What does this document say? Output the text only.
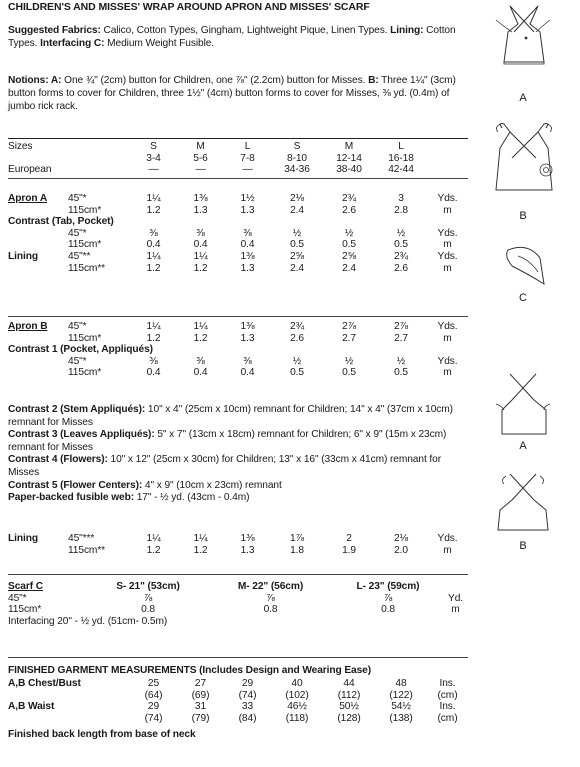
CHILDREN'S AND MISSES' WRAP AROUND APRON AND MISSES' SCARF

Suggested Fabrics: Calico, Cotton Types, Gingham, Lightweight Pique, Linen Types. Lining: Cotton Types. Interfacing C: Medium Weight Fusible.

Notions: A: One ¾" (2cm) button for Children, one ⅞" (2.2cm) button for Misses. B: Three 1¼" (3cm) button forms to cover for Children, three 1½" (4cm) button forms to cover for Misses, ⅜ yd. (0.4m) of jumbo rick rack.

Sizes		S	M	L	S	M	L	
		3-4	5-6	7-8	8-10	12-14	16-18	
European		—	—	—	34-36	38-40	42-44	
Apron A	45"*	1¼	1⅜	1½	2⅛	2¾	3	Yds.
	115cm*	1.2	1.3	1.3	2.4	2.6	2.8	m
Contrast (Tab, Pocket)								
	45"*	⅜	⅜	⅜	½	½	½	Yds.
	115cm*	0.4	0.4	0.4	0.5	0.5	0.5	m
Lining	45"**	1¼	1¼	1⅜	2⅝	2⅝	2¾	Yds.
	115cm**	1.2	1.2	1.3	2.4	2.4	2.6	m
Apron B	45"*	1¼	1¼	1⅜	2¾	2⅞	2⅞	Yds.
	115cm*	1.2	1.2	1.3	2.6	2.7	2.7	m
Contrast 1 (Pocket, Appliqués)								
	45"*	⅜	⅜	⅜	½	½	½	Yds.
	115cm*	0.4	0.4	0.4	0.5	0.5	0.5	m

Contrast 2 (Stem Appliqués): 10" x 4" (25cm x 10cm) remnant for Children; 14" x 4" (37cm x 10cm) remnant for Misses

Contrast 3 (Leaves Appliqués): 5" x 7" (13cm x 18cm) remnant for Children; 6" x 9" (15m x 23cm) remnant for Misses

Contrast 4 (Flowers): 10" x 12" (25cm x 30cm) for Children; 13" x 16" (33cm x 41cm) remnant for Misses

Contrast 5 (Flower Centers): 4" x 9" (10cm x 23cm) remnant

Paper-backed fusible web: 17" - ½ yd. (43cm - 0.4m)

Lining	45"***	1¼	1¼	1⅜	1⅞	2	2⅛	Yds.
	115cm**	1.2	1.2	1.3	1.8	1.9	2.0	m
Scarf C	S- 21" (53cm)	M- 22" (56cm)	L- 23" (59cm)	
45"*	⅞	⅞	⅞	Yd.
115cm*	0.8	0.8	0.8	m
Interfacing 20" - ½ yd. (51cm- 0.5m)				
FINISHED GARMENT MEASUREMENTS (Includes Design and Wearing Ease)
A,B Chest/Bust	25	27	29	40	44	48	Ins.
	(64)	(69)	(74)	(102)	(112)	(122)	(cm)
A,B Waist	29	31	33	46½	50½	54½	Ins.
	(74)	(79)	(84)	(118)	(128)	(138)	(cm)
Finished back length from base of neck
A
B
C
A
B
